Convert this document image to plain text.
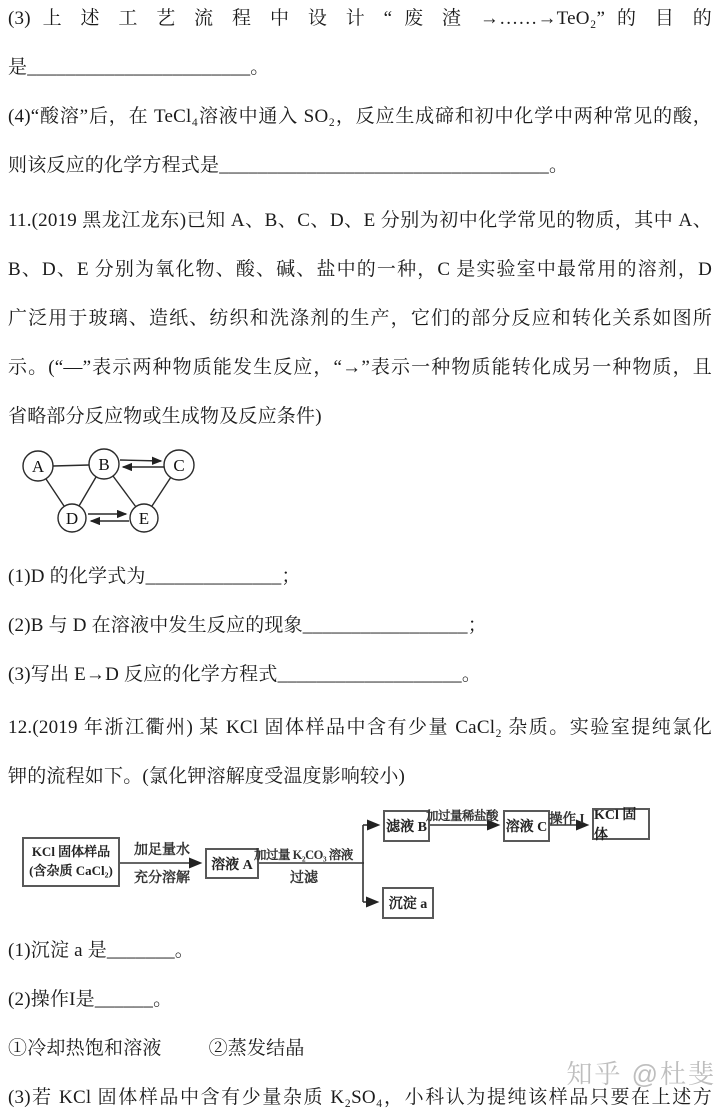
知乎 @杜斐
(3) 上 述 工 艺 流 程 中 设 计 “ 废 渣 →……→TeO₂” 的 目 的
是_______________________。
(4)“酸溶”后，在 TeCl₄溶液中通入 SO₂，反应生成碲和初中化学中两种常见的酸，
则该反应的化学方程式是__________________________________。
11.(2019 黑龙江龙东)已知 A、B、C、D、E 分别为初中化学常见的物质，其中 A、
B、D、E 分别为氧化物、酸、碱、盐中的一种，C 是实验室中最常用的溶剂，D
广泛用于玻璃、造纸、纺织和洗涤剂的生产，它们的部分反应和转化关系如图所
示。(“—”表示两种物质能发生反应，“→”表示一种物质能转化成另一种物质，且
省略部分反应物或生成物及反应条件)
A	B	C
D	E
(1)D 的化学式为______________；
(2)B 与 D 在溶液中发生反应的现象_________________；
(3)写出 E→D 反应的化学方程式___________________。
12.(2019 年浙江衢州) 某 KCl 固体样品中含有少量 CaCl₂ 杂质。实验室提纯氯化
钾的流程如下。(氯化钾溶解度受温度影响较小)
KCl 固体样品
(含杂质 CaCl₂)	溶液 A
滤液 B	溶液 C
KCl 固体
沉淀 a
加足量水
充分溶解
加过量 K₂CO₃ 溶液
过滤
加过量稀盐酸	操作 I
(1)沉淀 a 是_______。
(2)操作I是______。
①冷却热饱和溶液 ②蒸发结晶
(3)若 KCl 固体样品中含有少量杂质 K₂SO₄，小科认为提纯该样品只要在上述方
